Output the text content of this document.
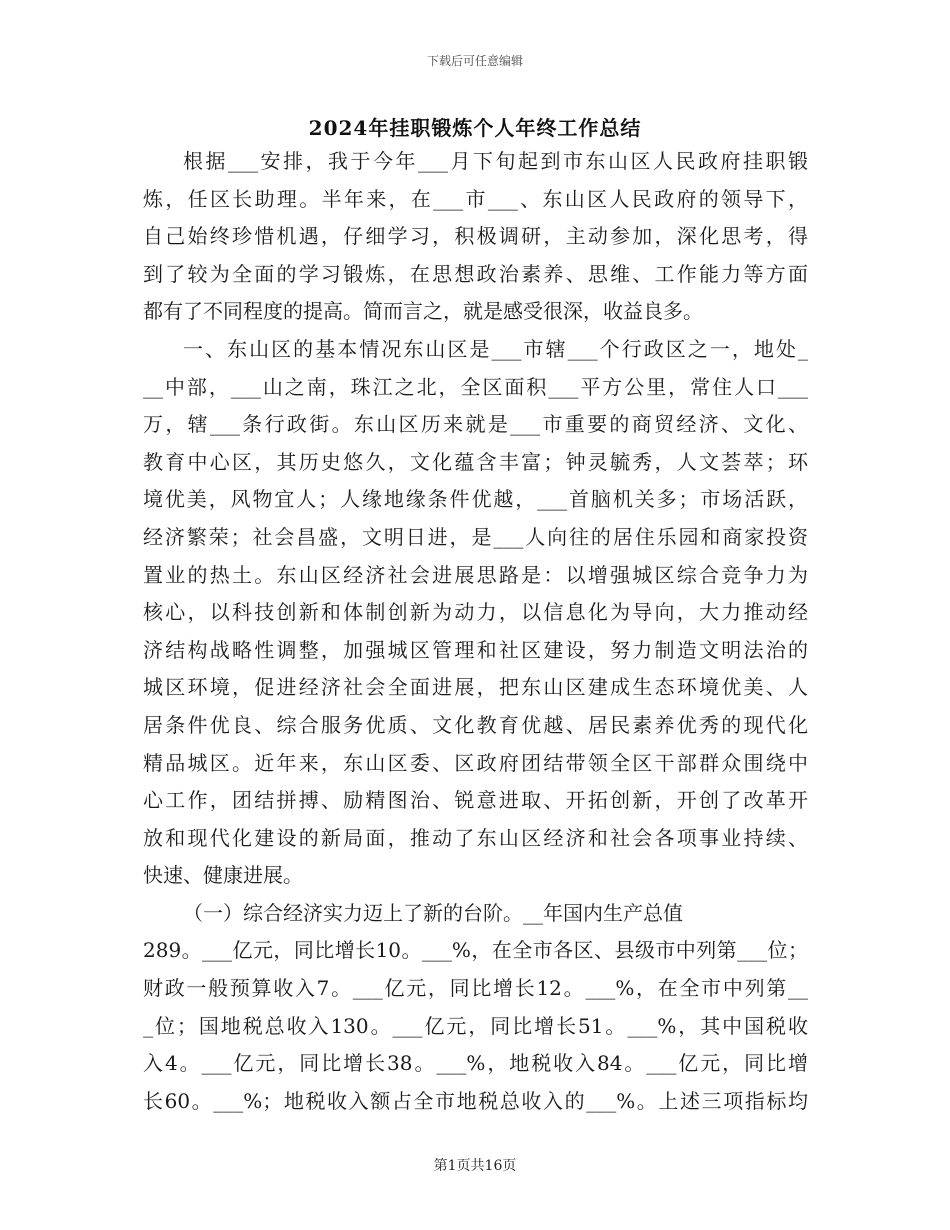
下载后可任意编辑
2024年挂职锻炼个人年终工作总结
根据___安排，我于今年___月下旬起到市东山区人民政府挂职锻
炼，任区长助理。半年来，在___市___、东山区人民政府的领导下，
自己始终珍惜机遇，仔细学习，积极调研，主动参加，深化思考，得
到了较为全面的学习锻炼，在思想政治素养、思维、工作能力等方面
都有了不同程度的提高。简而言之，就是感受很深，收益良多。
一、东山区的基本情况东山区是___市辖___个行政区之一，地处_
__中部，___山之南，珠江之北，全区面积___平方公里，常住人口___
万，辖___条行政街。东山区历来就是___市重要的商贸经济、文化、
教育中心区，其历史悠久，文化蕴含丰富；钟灵毓秀，人文荟萃；环
境优美，风物宜人；人缘地缘条件优越，___首脑机关多；市场活跃，
经济繁荣；社会昌盛，文明日进，是___人向往的居住乐园和商家投资
置业的热土。东山区经济社会进展思路是：以增强城区综合竞争力为
核心，以科技创新和体制创新为动力，以信息化为导向，大力推动经
济结构战略性调整，加强城区管理和社区建设，努力制造文明法治的
城区环境，促进经济社会全面进展，把东山区建成生态环境优美、人
居条件优良、综合服务优质、文化教育优越、居民素养优秀的现代化
精品城区。近年来，东山区委、区政府团结带领全区干部群众围绕中
心工作，团结拼搏、励精图治、锐意进取、开拓创新，开创了改革开
放和现代化建设的新局面，推动了东山区经济和社会各项事业持续、
快速、健康进展。
（一）综合经济实力迈上了新的台阶。__年国内生产总值
289。___亿元，同比增长10。___%，在全市各区、县级市中列第___位；
财政一般预算收入7。___亿元，同比增长12。___%，在全市中列第__
_位；国地税总收入130。___亿元，同比增长51。___%，其中国税收
入4。___亿元，同比增长38。___%，地税收入84。___亿元，同比增
长60。___%；地税收入额占全市地税总收入的___%。上述三项指标均
第1页共16页
